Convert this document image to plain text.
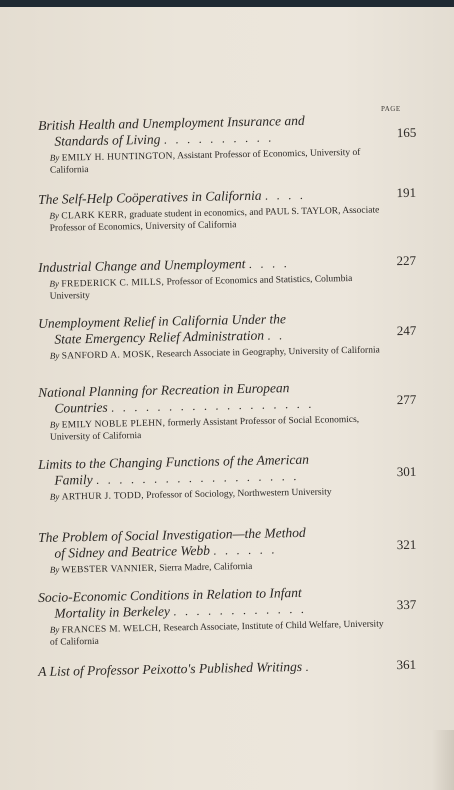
PAGE
British Health and Unemployment Insurance and
Standards of Living . . . . . . . . . .	165
By EMILY H. HUNTINGTON, Assistant Professor of Economics, University of California
The Self-Help Coöperatives in California . . . .	191
By CLARK KERR, graduate student in economics, and PAUL S. TAYLOR, Associate Professor of Economics, University of California
Industrial Change and Unemployment . . . .	227
By FREDERICK C. MILLS, Professor of Economics and Statistics, Columbia University
Unemployment Relief in California Under the
State Emergency Relief Administration . .	247
By SANFORD A. MOSK, Research Associate in Geography, University of California
National Planning for Recreation in European
Countries . . . . . . . . . . . . . . . . . .	277
By EMILY NOBLE PLEHN, formerly Assistant Professor of Social Economics, University of California
Limits to the Changing Functions of the American
Family . . . . . . . . . . . . . . . . . .	301
By ARTHUR J. TODD, Professor of Sociology, Northwestern University
The Problem of Social Investigation—the Method
of Sidney and Beatrice Webb . . . . . .	321
By WEBSTER VANNIER, Sierra Madre, California
Socio-Economic Conditions in Relation to Infant
Mortality in Berkeley . . . . . . . . . . . .	337
By FRANCES M. WELCH, Research Associate, Institute of Child Welfare, University of California
A List of Professor Peixotto's Published Writings .	361
